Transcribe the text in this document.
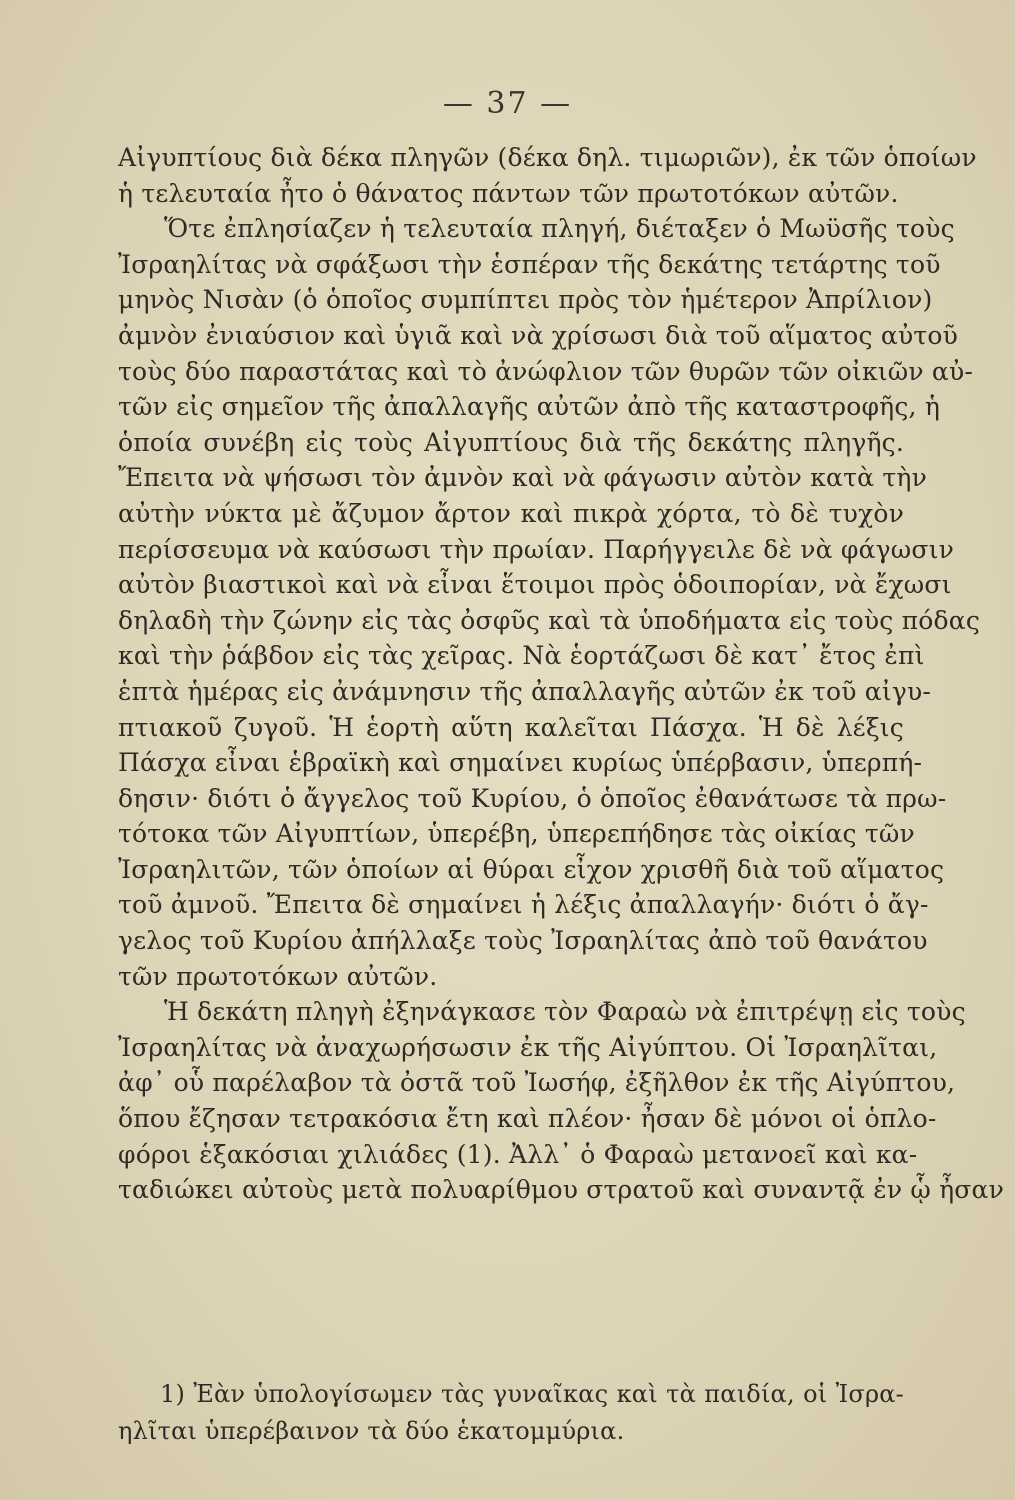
— 37 —
Αἰγυπτίους διὰ δέκα πληγῶν (δέκα δηλ. τιμωριῶν), ἐκ τῶν ὁποίων
ἡ τελευταία ἦτο ὁ θάνατος πάντων τῶν πρωτοτόκων αὐτῶν.
Ὅτε ἐπλησίαζεν ἡ τελευταία πληγή, διέταξεν ὁ Μωϋσῆς τοὺς
Ἰσραηλίτας νὰ σφάξωσι τὴν ἑσπέραν τῆς δεκάτης τετάρτης τοῦ
μηνὸς Νισὰν (ὁ ὁποῖος συμπίπτει πρὸς τὸν ἡμέτερον Ἀπρίλιον)
ἀμνὸν ἐνιαύσιον καὶ ὑγιᾶ καὶ νὰ χρίσωσι διὰ τοῦ αἵματος αὐτοῦ
τοὺς δύο παραστάτας καὶ τὸ ἀνώφλιον τῶν θυρῶν τῶν οἰκιῶν αὐ-
τῶν εἰς σημεῖον τῆς ἀπαλλαγῆς αὐτῶν ἀπὸ τῆς καταστροφῆς, ἡ
ὁποία συνέβη εἰς τοὺς Αἰγυπτίους διὰ τῆς δεκάτης πληγῆς.
Ἔπειτα νὰ ψήσωσι τὸν ἀμνὸν καὶ νὰ φάγωσιν αὐτὸν κατὰ τὴν
αὐτὴν νύκτα μὲ ἄζυμον ἄρτον καὶ πικρὰ χόρτα, τὸ δὲ τυχὸν
περίσσευμα νὰ καύσωσι τὴν πρωίαν. Παρήγγειλε δὲ νὰ φάγωσιν
αὐτὸν βιαστικοὶ καὶ νὰ εἶναι ἕτοιμοι πρὸς ὁδοιπορίαν, νὰ ἔχωσι
δηλαδὴ τὴν ζώνην εἰς τὰς ὀσφῦς καὶ τὰ ὑποδήματα εἰς τοὺς πόδας
καὶ τὴν ῥάβδον εἰς τὰς χεῖρας. Νὰ ἑορτάζωσι δὲ κατ᾿ ἔτος ἐπὶ
ἑπτὰ ἡμέρας εἰς ἀνάμνησιν τῆς ἀπαλλαγῆς αὐτῶν ἐκ τοῦ αἰγυ-
πτιακοῦ ζυγοῦ. Ἡ ἑορτὴ αὕτη καλεῖται Πάσχα. Ἡ δὲ λέξις
Πάσχα εἶναι ἑβραϊκὴ καὶ σημαίνει κυρίως ὑπέρβασιν, ὑπερπή-
δησιν· διότι ὁ ἄγγελος τοῦ Κυρίου, ὁ ὁποῖος ἐθανάτωσε τὰ πρω-
τότοκα τῶν Αἰγυπτίων, ὑπερέβη, ὑπερεπήδησε τὰς οἰκίας τῶν
Ἰσραηλιτῶν, τῶν ὁποίων αἱ θύραι εἶχον χρισθῆ διὰ τοῦ αἵματος
τοῦ ἀμνοῦ. Ἔπειτα δὲ σημαίνει ἡ λέξις ἀπαλλαγήν· διότι ὁ ἄγ-
γελος τοῦ Κυρίου ἀπήλλαξε τοὺς Ἰσραηλίτας ἀπὸ τοῦ θανάτου
τῶν πρωτοτόκων αὐτῶν.
Ἡ δεκάτη πληγὴ ἐξηνάγκασε τὸν Φαραὼ νὰ ἐπιτρέψῃ εἰς τοὺς
Ἰσραηλίτας νὰ ἀναχωρήσωσιν ἐκ τῆς Αἰγύπτου. Οἱ Ἰσραηλῖται,
ἀφ᾿ οὗ παρέλαβον τὰ ὀστᾶ τοῦ Ἰωσήφ, ἐξῆλθον ἐκ τῆς Αἰγύπτου,
ὅπου ἔζησαν τετρακόσια ἔτη καὶ πλέον· ἦσαν δὲ μόνοι οἱ ὁπλο-
φόροι ἑξακόσιαι χιλιάδες (1). Ἀλλ᾿ ὁ Φαραὼ μετανοεῖ καὶ κα-
ταδιώκει αὐτοὺς μετὰ πολυαρίθμου στρατοῦ καὶ συναντᾷ ἐν ᾧ ἦσαν
1) Ἐὰν ὑπολογίσωμεν τὰς γυναῖκας καὶ τὰ παιδία, οἱ Ἰσρα-
ηλῖται ὑπερέβαινον τὰ δύο ἑκατομμύρια.
